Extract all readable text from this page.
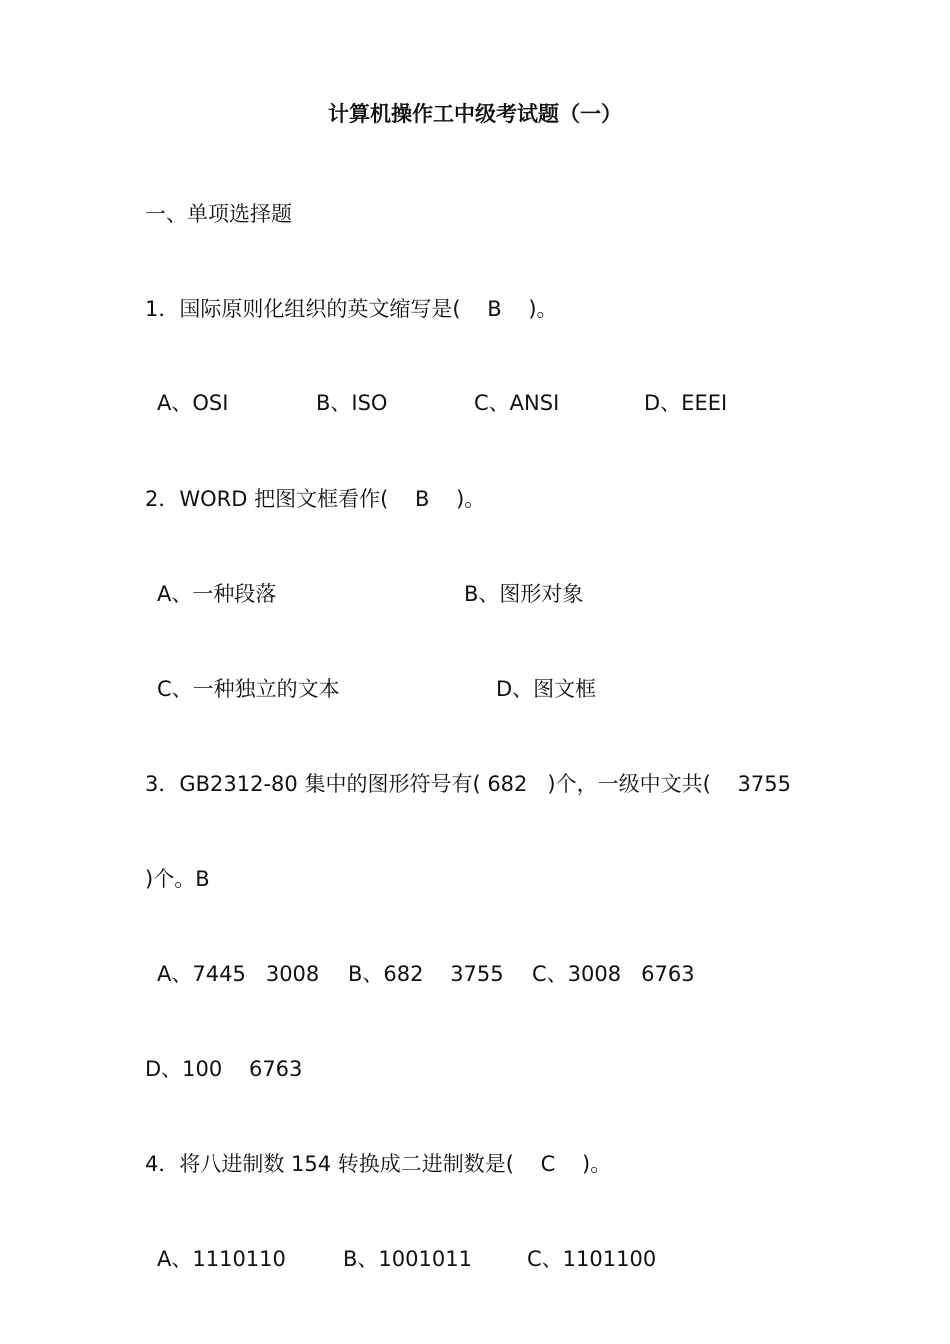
计算机操作工中级考试题（一）

一、单项选择题

1．国际原则化组织的英文缩写是(    B    )。

A、OSI	B、ISO	C、ANSI	D、EEEI

2．WORD 把图文框看作(    B    )。

A、一种段落	B、图形对象

C、一种独立的文本	D、图文框

3．GB2312-80 集中的图形符号有( 682   )个，一级中文共(    3755

)个。B

A、7445   3008 B、682    3755 C、3008   6763

D、100    6763

4．将八进制数 154 转换成二进制数是(    C    )。

A、1110110	B、1001011	C、1101100
